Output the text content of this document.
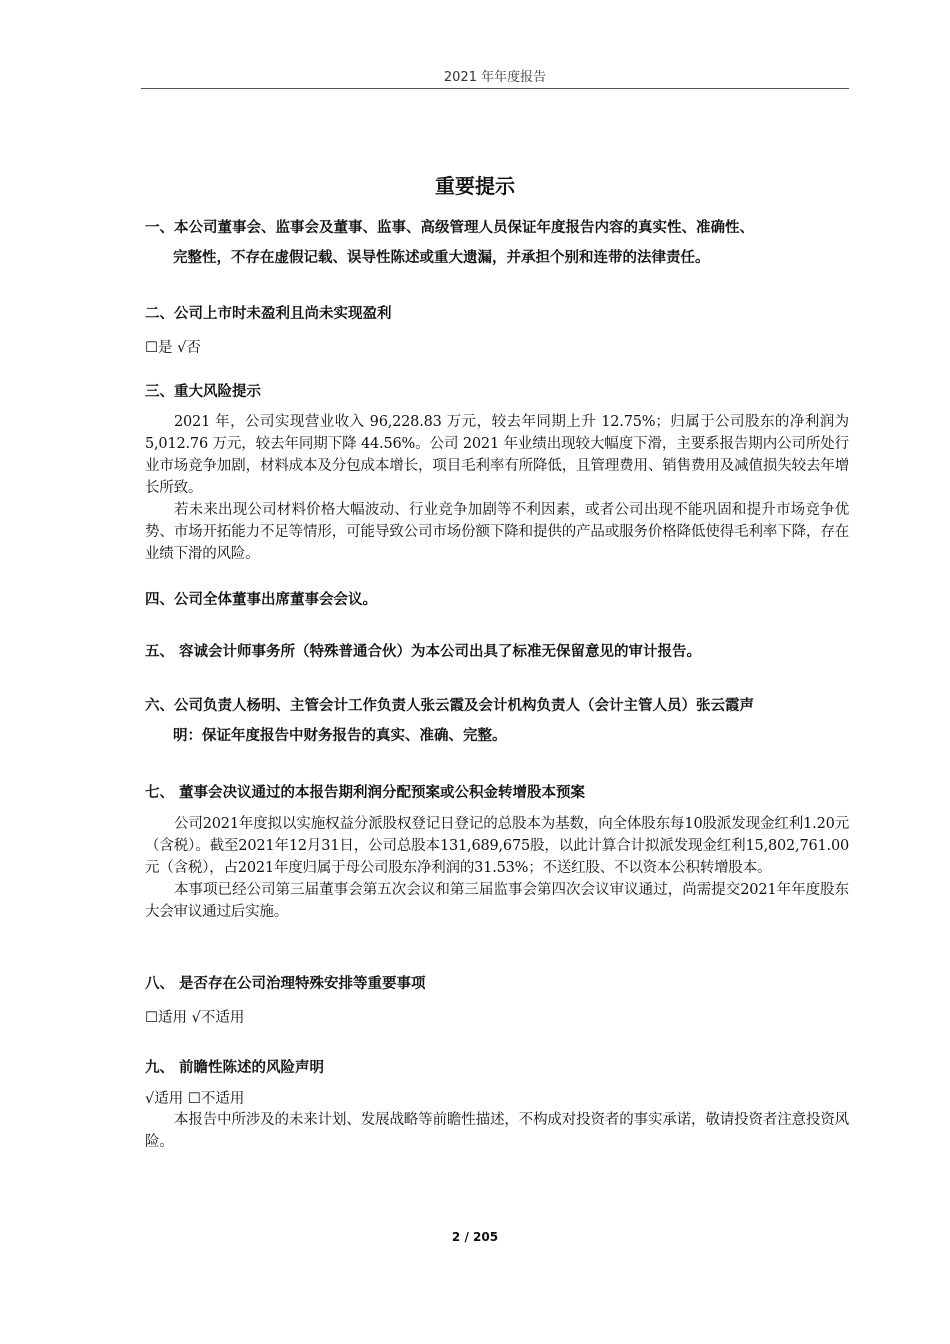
2021 年年度报告
重要提示
一、本公司董事会、监事会及董事、监事、高级管理人员保证年度报告内容的真实性、准确性、
完整性，不存在虚假记载、误导性陈述或重大遗漏，并承担个别和连带的法律责任。
二、公司上市时未盈利且尚未实现盈利
☐是 √否
三、重大风险提示
2021 年，公司实现营业收入 96,228.83 万元，较去年同期上升 12.75%；归属于公司股东的净利润为 5,012.76 万元，较去年同期下降 44.56%。公司 2021 年业绩出现较大幅度下滑，主要系报告期内公司所处行业市场竞争加剧，材料成本及分包成本增长，项目毛利率有所降低，且管理费用、销售费用及减值损失较去年增长所致。
若未来出现公司材料价格大幅波动、行业竞争加剧等不利因素，或者公司出现不能巩固和提升市场竞争优势、市场开拓能力不足等情形，可能导致公司市场份额下降和提供的产品或服务价格降低使得毛利率下降，存在业绩下滑的风险。
四、公司全体董事出席董事会会议。
五、 容诚会计师事务所（特殊普通合伙）为本公司出具了标准无保留意见的审计报告。
六、公司负责人杨明、主管会计工作负责人张云霞及会计机构负责人（会计主管人员）张云霞声
明：保证年度报告中财务报告的真实、准确、完整。
七、 董事会决议通过的本报告期利润分配预案或公积金转增股本预案
公司2021年度拟以实施权益分派股权登记日登记的总股本为基数，向全体股东每10股派发现金红利1.20元（含税）。截至2021年12月31日，公司总股本131,689,675股，以此计算合计拟派发现金红利15,802,761.00元（含税），占2021年度归属于母公司股东净利润的31.53%；不送红股、不以资本公积转增股本。
本事项已经公司第三届董事会第五次会议和第三届监事会第四次会议审议通过，尚需提交2021年年度股东大会审议通过后实施。
八、 是否存在公司治理特殊安排等重要事项
☐适用 √不适用
九、 前瞻性陈述的风险声明
√适用 ☐不适用
本报告中所涉及的未来计划、发展战略等前瞻性描述，不构成对投资者的事实承诺，敬请投资者注意投资风险。
2 / 205
